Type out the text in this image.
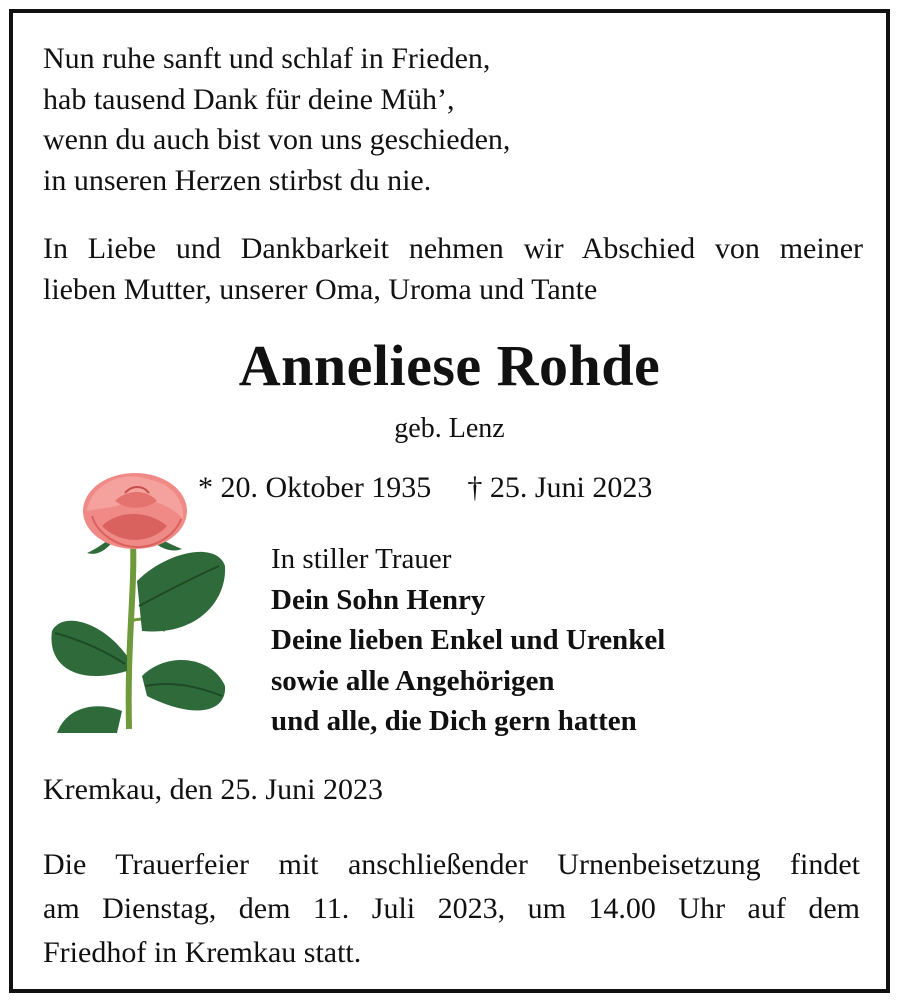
Nun ruhe sanft und schlaf in Frieden,
hab tausend Dank für deine Müh’,
wenn du auch bist von uns geschieden,
in unseren Herzen stirbst du nie.
In Liebe und Dankbarkeit nehmen wir Abschied von meiner
lieben Mutter, unserer Oma, Uroma und Tante
Anneliese Rohde
geb. Lenz
* 20. Oktober 1935 † 25. Juni 2023
In stiller Trauer
Dein Sohn Henry
Deine lieben Enkel und Urenkel
sowie alle Angehörigen
und alle, die Dich gern hatten
Kremkau, den 25. Juni 2023
Die Trauerfeier mit anschließender Urnenbeisetzung findet
am Dienstag, dem 11. Juli 2023, um 14.00 Uhr auf dem
Friedhof in Kremkau statt.
